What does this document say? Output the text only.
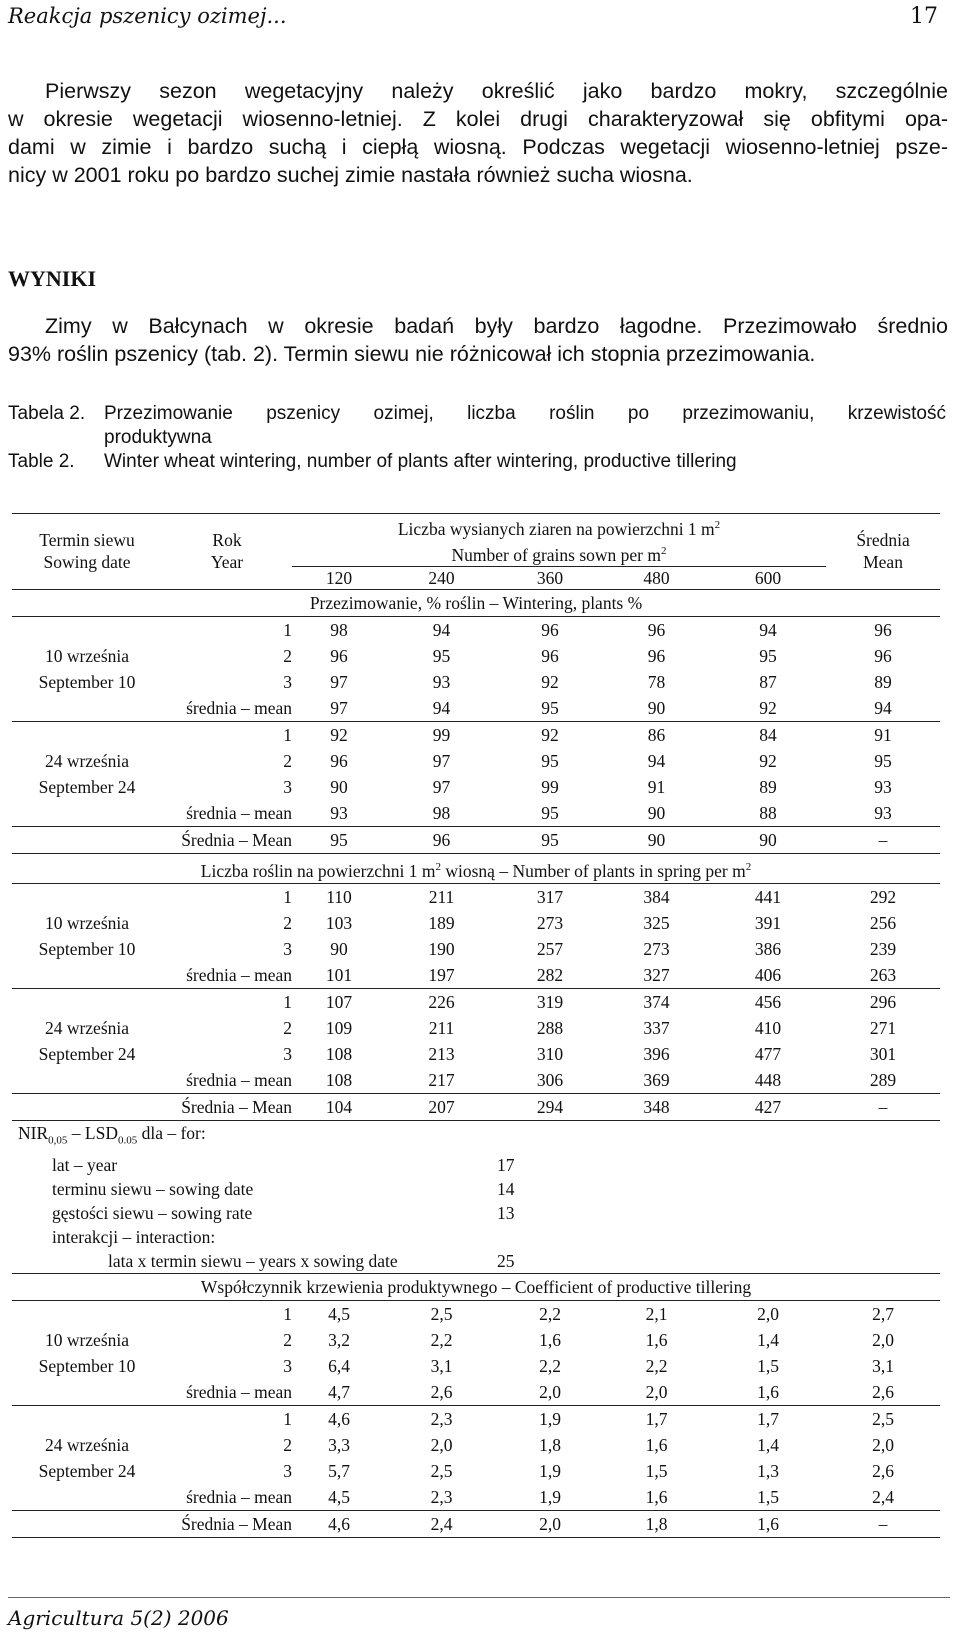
Reakcja pszenicy ozimej...	17
Pierwszy sezon wegetacyjny należy określić jako bardzo mokry, szczególnie
w okresie wegetacji wiosenno-letniej. Z kolei drugi charakteryzował się obfitymi opa-
dami w zimie i bardzo suchą i ciepłą wiosną. Podczas wegetacji wiosenno-letniej psze-
nicy w 2001 roku po bardzo suchej zimie nastała również sucha wiosna.
WYNIKI
Zimy w Bałcynach w okresie badań były bardzo łagodne. Przezimowało średnio
93% roślin pszenicy (tab. 2). Termin siewu nie różnicował ich stopnia przezimowania.
Tabela 2. Przezimowanie pszenicy ozimej, liczba roślin po przezimowaniu, krzewistość
produktywna
Table 2. Winter wheat wintering, number of plants after wintering, productive tillering
Termin siewu
Sowing date	Rok
Year	Liczba wysianych ziaren na powierzchni 1 $m^2$					Średnia
Mean

		Number of grains sown per $m^2$
		120	240	360	480	600	
Przezimowanie, % roślin – Wintering, plants %							
	1	98	94	96	96	94	96
10 września	2	96	95	96	96	95	96
September 10	3	97	93	92	78	87	89
	średnia – mean	97	94	95	90	92	94
	1	92	99	92	86	84	91
24 września	2	96	97	95	94	92	95
September 24	3	90	97	99	91	89	93
	średnia – mean	93	98	95	90	88	93
Średnia – Mean		95	96	95	90	90	–
Liczba roślin na powierzchni 1 $m^2$ wiosną – Number of plants in spring per $m^2$
	1	110	211	317	384	441	292
10 września	2	103	189	273	325	391	256
September 10	3	90	190	257	273	386	239
	średnia – mean	101	197	282	327	406	263
	1	107	226	319	374	456	296
24 września	2	109	211	288	337	410	271
September 24	3	108	213	310	396	477	301
	średnia – mean	108	217	306	369	448	289
Średnia – Mean		104	207	294	348	427	–
$NIR_{0,05} - LSD_{0.05}$ dla – for:							
lat – year				17			
terminu siewu – sowing date				14			
gęstości siewu – sowing rate				13			
interakcji – interaction:							
lata x termin siewu – years x sowing date				25			
Współczynnik krzewienia produktywnego – Coefficient of productive tillering							
	1	4,5	2,5	2,2	2,1	2,0	2,7
10 września	2	3,2	2,2	1,6	1,6	1,4	2,0
September 10	3	6,4	3,1	2,2	2,2	1,5	3,1
	średnia – mean	4,7	2,6	2,0	2,0	1,6	2,6
	1	4,6	2,3	1,9	1,7	1,7	2,5
24 września	2	3,3	2,0	1,8	1,6	1,4	2,0
September 24	3	5,7	2,5	1,9	1,5	1,3	2,6
	średnia – mean	4,5	2,3	1,9	1,6	1,5	2,4
Średnia – Mean		4,6	2,4	2,0	1,8	1,6	–
Agricultura 5(2) 2006
